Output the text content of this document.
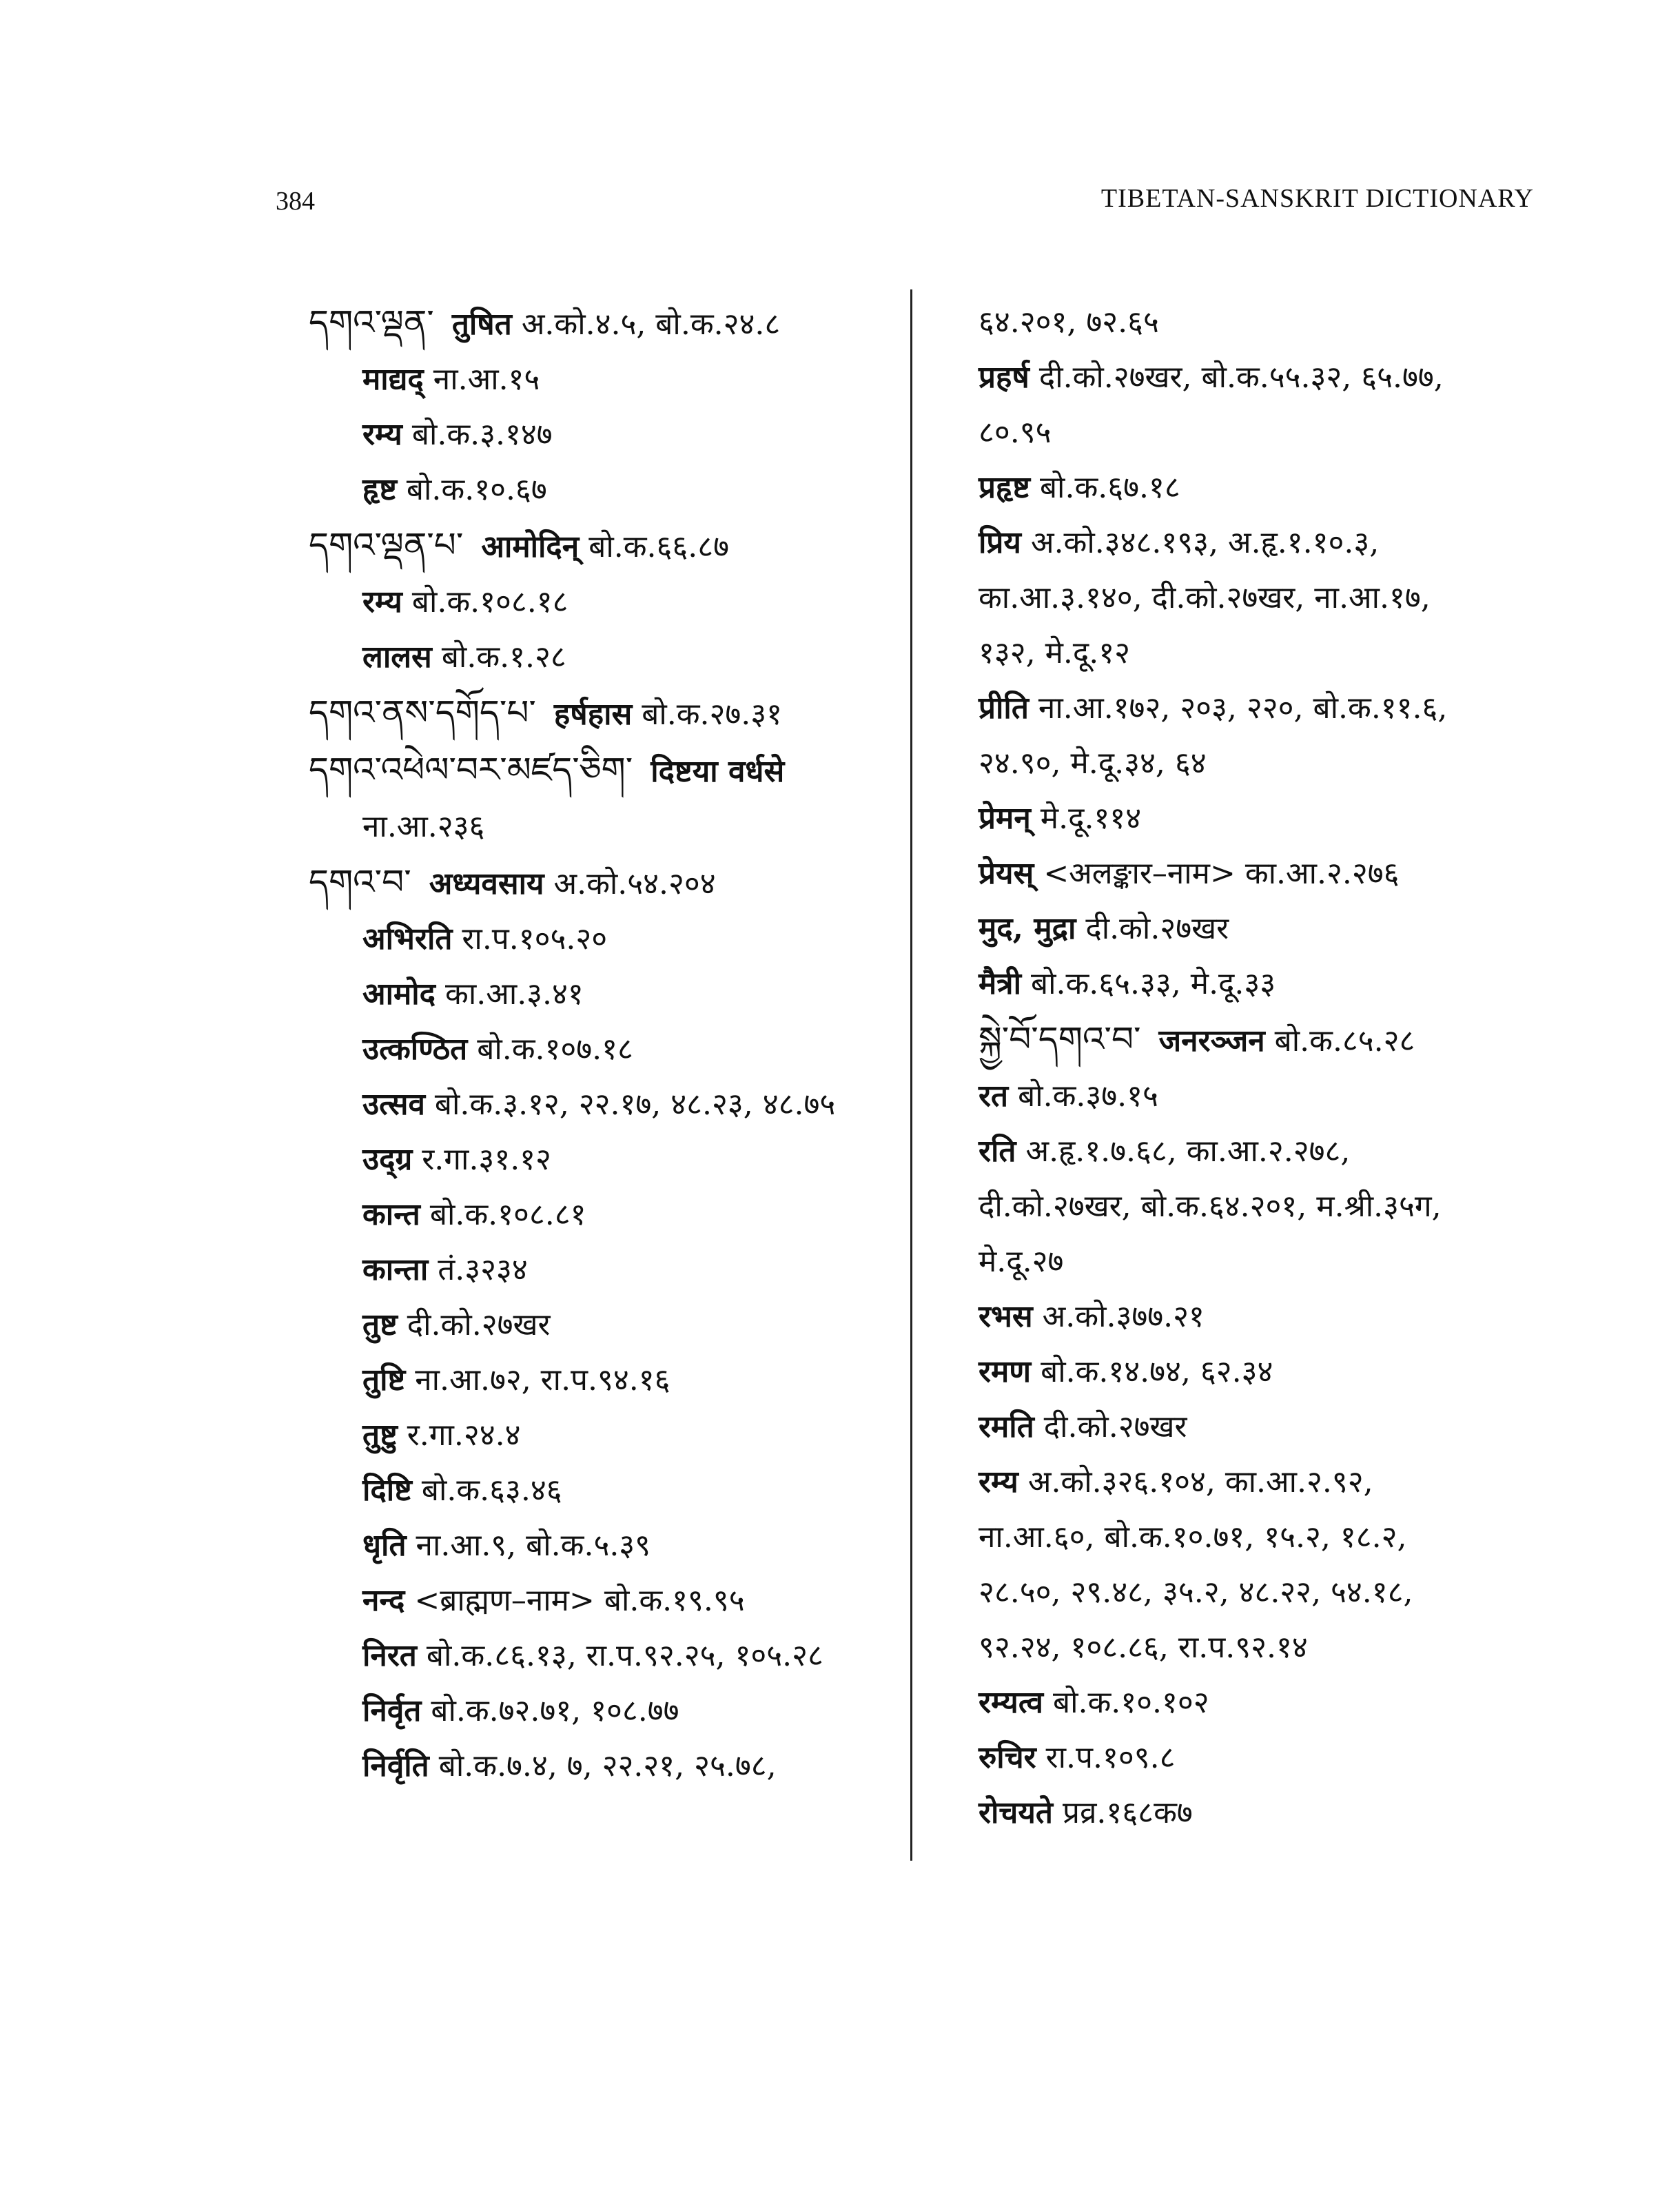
384	TIBETAN-SANSKRIT DICTIONARY
དགའ་ལྡན་ तुषित अ.को.४.५, बो.क.२४.८
माद्यद् ना.आ.१५
रम्य बो.क.३.१४७
हृष्ट बो.क.१०.६७
དགའ་ལྡན་པ་ आमोदिन् बो.क.६६.८७
रम्य बो.क.१०८.१८
लालस बो.क.१.२८
དགའ་ནས་དགོད་པ་ हर्षहास बो.क.२७.३१
དགའ་འཕེལ་བར་མཛད་ཅིག་ दिष्टया वर्धसे
ना.आ.२३६
དགའ་བ་ अध्यवसाय अ.को.५४.२०४
अभिरति रा.प.१०५.२०
आमोद का.आ.३.४१
उत्कण्ठित बो.क.१०७.१८
उत्सव बो.क.३.१२, २२.१७, ४८.२३, ४८.७५
उद्‌ग्र र.गा.३१.१२
कान्त बो.क.१०८.८१
कान्ता तं.३२३४
तुष्ट दी.को.२७खर
तुष्टि ना.आ.७२, रा.प.९४.१६
तुष्टु र.गा.२४.४
दिष्टि बो.क.६३.४६
धृति ना.आ.९, बो.क.५.३९
नन्द <ब्राह्मण–नाम> बो.क.१९.९५
निरत बो.क.८६.१३, रा.प.९२.२५, १०५.२८
निर्वृत बो.क.७२.७१, १०८.७७
निर्वृति बो.क.७.४, ७, २२.२१, २५.७८,
६४.२०१, ७२.६५
प्रहर्ष दी.को.२७खर, बो.क.५५.३२, ६५.७७,
८०.९५
प्रहृष्ट बो.क.६७.१८
प्रिय अ.को.३४८.१९३, अ.हृ.१.१०.३,
का.आ.३.१४०, दी.को.२७खर, ना.आ.१७,
१३२, मे.दू.१२
प्रीति ना.आ.१७२, २०३, २२०, बो.क.११.६,
२४.९०, मे.दू.३४, ६४
प्रेमन् मे.दू.११४
प्रेयस् <अलङ्कार–नाम> का.आ.२.२७६
मुद, मुद्रा दी.को.२७खर
मैत्री बो.क.६५.३३, मे.दू.३३
སྐྱེ་བོ་དགའ་བ་ जनरञ्जन बो.क.८५.२८
रत बो.क.३७.१५
रति अ.हृ.१.७.६८, का.आ.२.२७८,
दी.को.२७खर, बो.क.६४.२०१, म.श्री.३५ग,
मे.दू.२७
रभस अ.को.३७७.२१
रमण बो.क.१४.७४, ६२.३४
रमति दी.को.२७खर
रम्य अ.को.३२६.१०४, का.आ.२.९२,
ना.आ.६०, बो.क.१०.७१, १५.२, १८.२,
२८.५०, २९.४८, ३५.२, ४८.२२, ५४.१८,
९२.२४, १०८.८६, रा.प.९२.१४
रम्यत्व बो.क.१०.१०२
रुचिर रा.प.१०९.८
रोचयते प्रव्र.१६८क७
